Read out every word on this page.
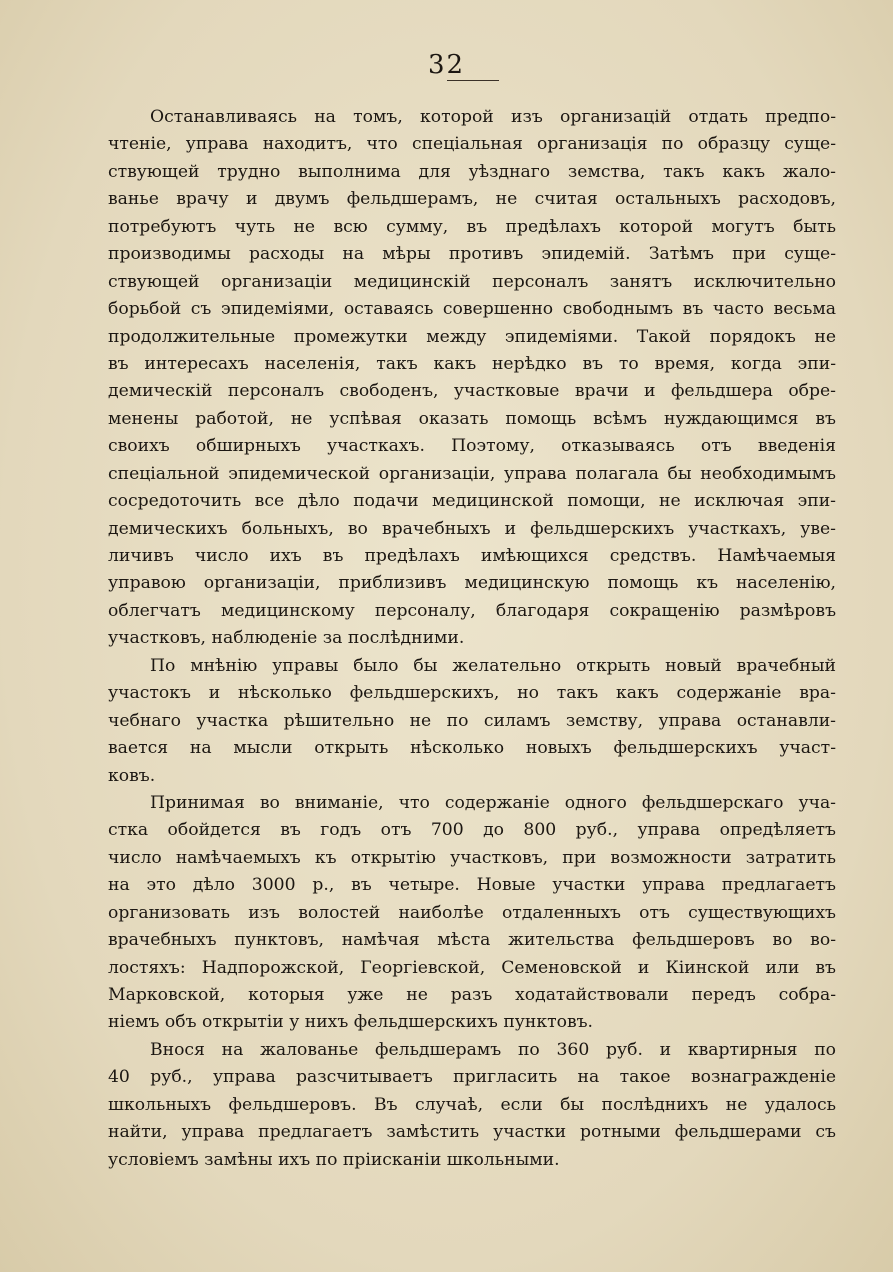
32
Останавливаясь на томъ, которой изъ организацій отдать предпо-
чтеніе, управа находитъ, что спеціальная организація по образцу суще-
ствующей трудно выполнима для уѣзднаго земства, такъ какъ жало-
ванье врачу и двумъ фельдшерамъ, не считая остальныхъ расходовъ,
потребуютъ чуть не всю сумму, въ предѣлахъ которой могутъ быть
производимы расходы на мѣры противъ эпидемій. Затѣмъ при суще-
ствующей организаціи медицинскій персоналъ занятъ исключительно
борьбой съ эпидеміями, оставаясь совершенно свободнымъ въ часто весьма
продолжительные промежутки между эпидеміями. Такой порядокъ не
въ интересахъ населенія, такъ какъ нерѣдко въ то время, когда эпи-
демическій персоналъ свободенъ, участковые врачи и фельдшера обре-
менены работой, не успѣвая оказать помощь всѣмъ нуждающимся въ
своихъ обширныхъ участкахъ. Поэтому, отказываясь отъ введенія
спеціальной эпидемической организаціи, управа полагала бы необходимымъ
сосредоточить все дѣло подачи медицинской помощи, не исключая эпи-
демическихъ больныхъ, во врачебныхъ и фельдшерскихъ участкахъ, уве-
личивъ число ихъ въ предѣлахъ имѣющихся средствъ. Намѣчаемыя
управою организаціи, приблизивъ медицинскую помощь къ населенію,
облегчатъ медицинскому персоналу, благодаря сокращенію размѣровъ
участковъ, наблюденіе за послѣдними.
По мнѣнію управы было бы желательно открыть новый врачебный
участокъ и нѣсколько фельдшерскихъ, но такъ какъ содержаніе вра-
чебнаго участка рѣшительно не по силамъ земству, управа останавли-
вается на мысли открыть нѣсколько новыхъ фельдшерскихъ участ-
ковъ.
Принимая во вниманіе, что содержаніе одного фельдшерскаго уча-
стка обойдется въ годъ отъ 700 до 800 руб., управа опредѣляетъ
число намѣчаемыхъ къ открытію участковъ, при возможности затратить
на это дѣло 3000 р., въ четыре. Новые участки управа предлагаетъ
организовать изъ волостей наиболѣе отдаленныхъ отъ существующихъ
врачебныхъ пунктовъ, намѣчая мѣста жительства фельдшеровъ во во-
лостяхъ: Надпорожской, Георгіевской, Семеновской и Кіинской или въ
Марковской, которыя уже не разъ ходатайствовали передъ собра-
ніемъ объ открытіи у нихъ фельдшерскихъ пунктовъ.
Внося на жалованье фельдшерамъ по 360 руб. и квартирныя по
40 руб., управа разсчитываетъ пригласить на такое вознагражденіе
школьныхъ фельдшеровъ. Въ случаѣ, если бы послѣднихъ не удалось
найти, управа предлагаетъ замѣстить участки ротными фельдшерами съ
условіемъ замѣны ихъ по пріисканіи школьными.
